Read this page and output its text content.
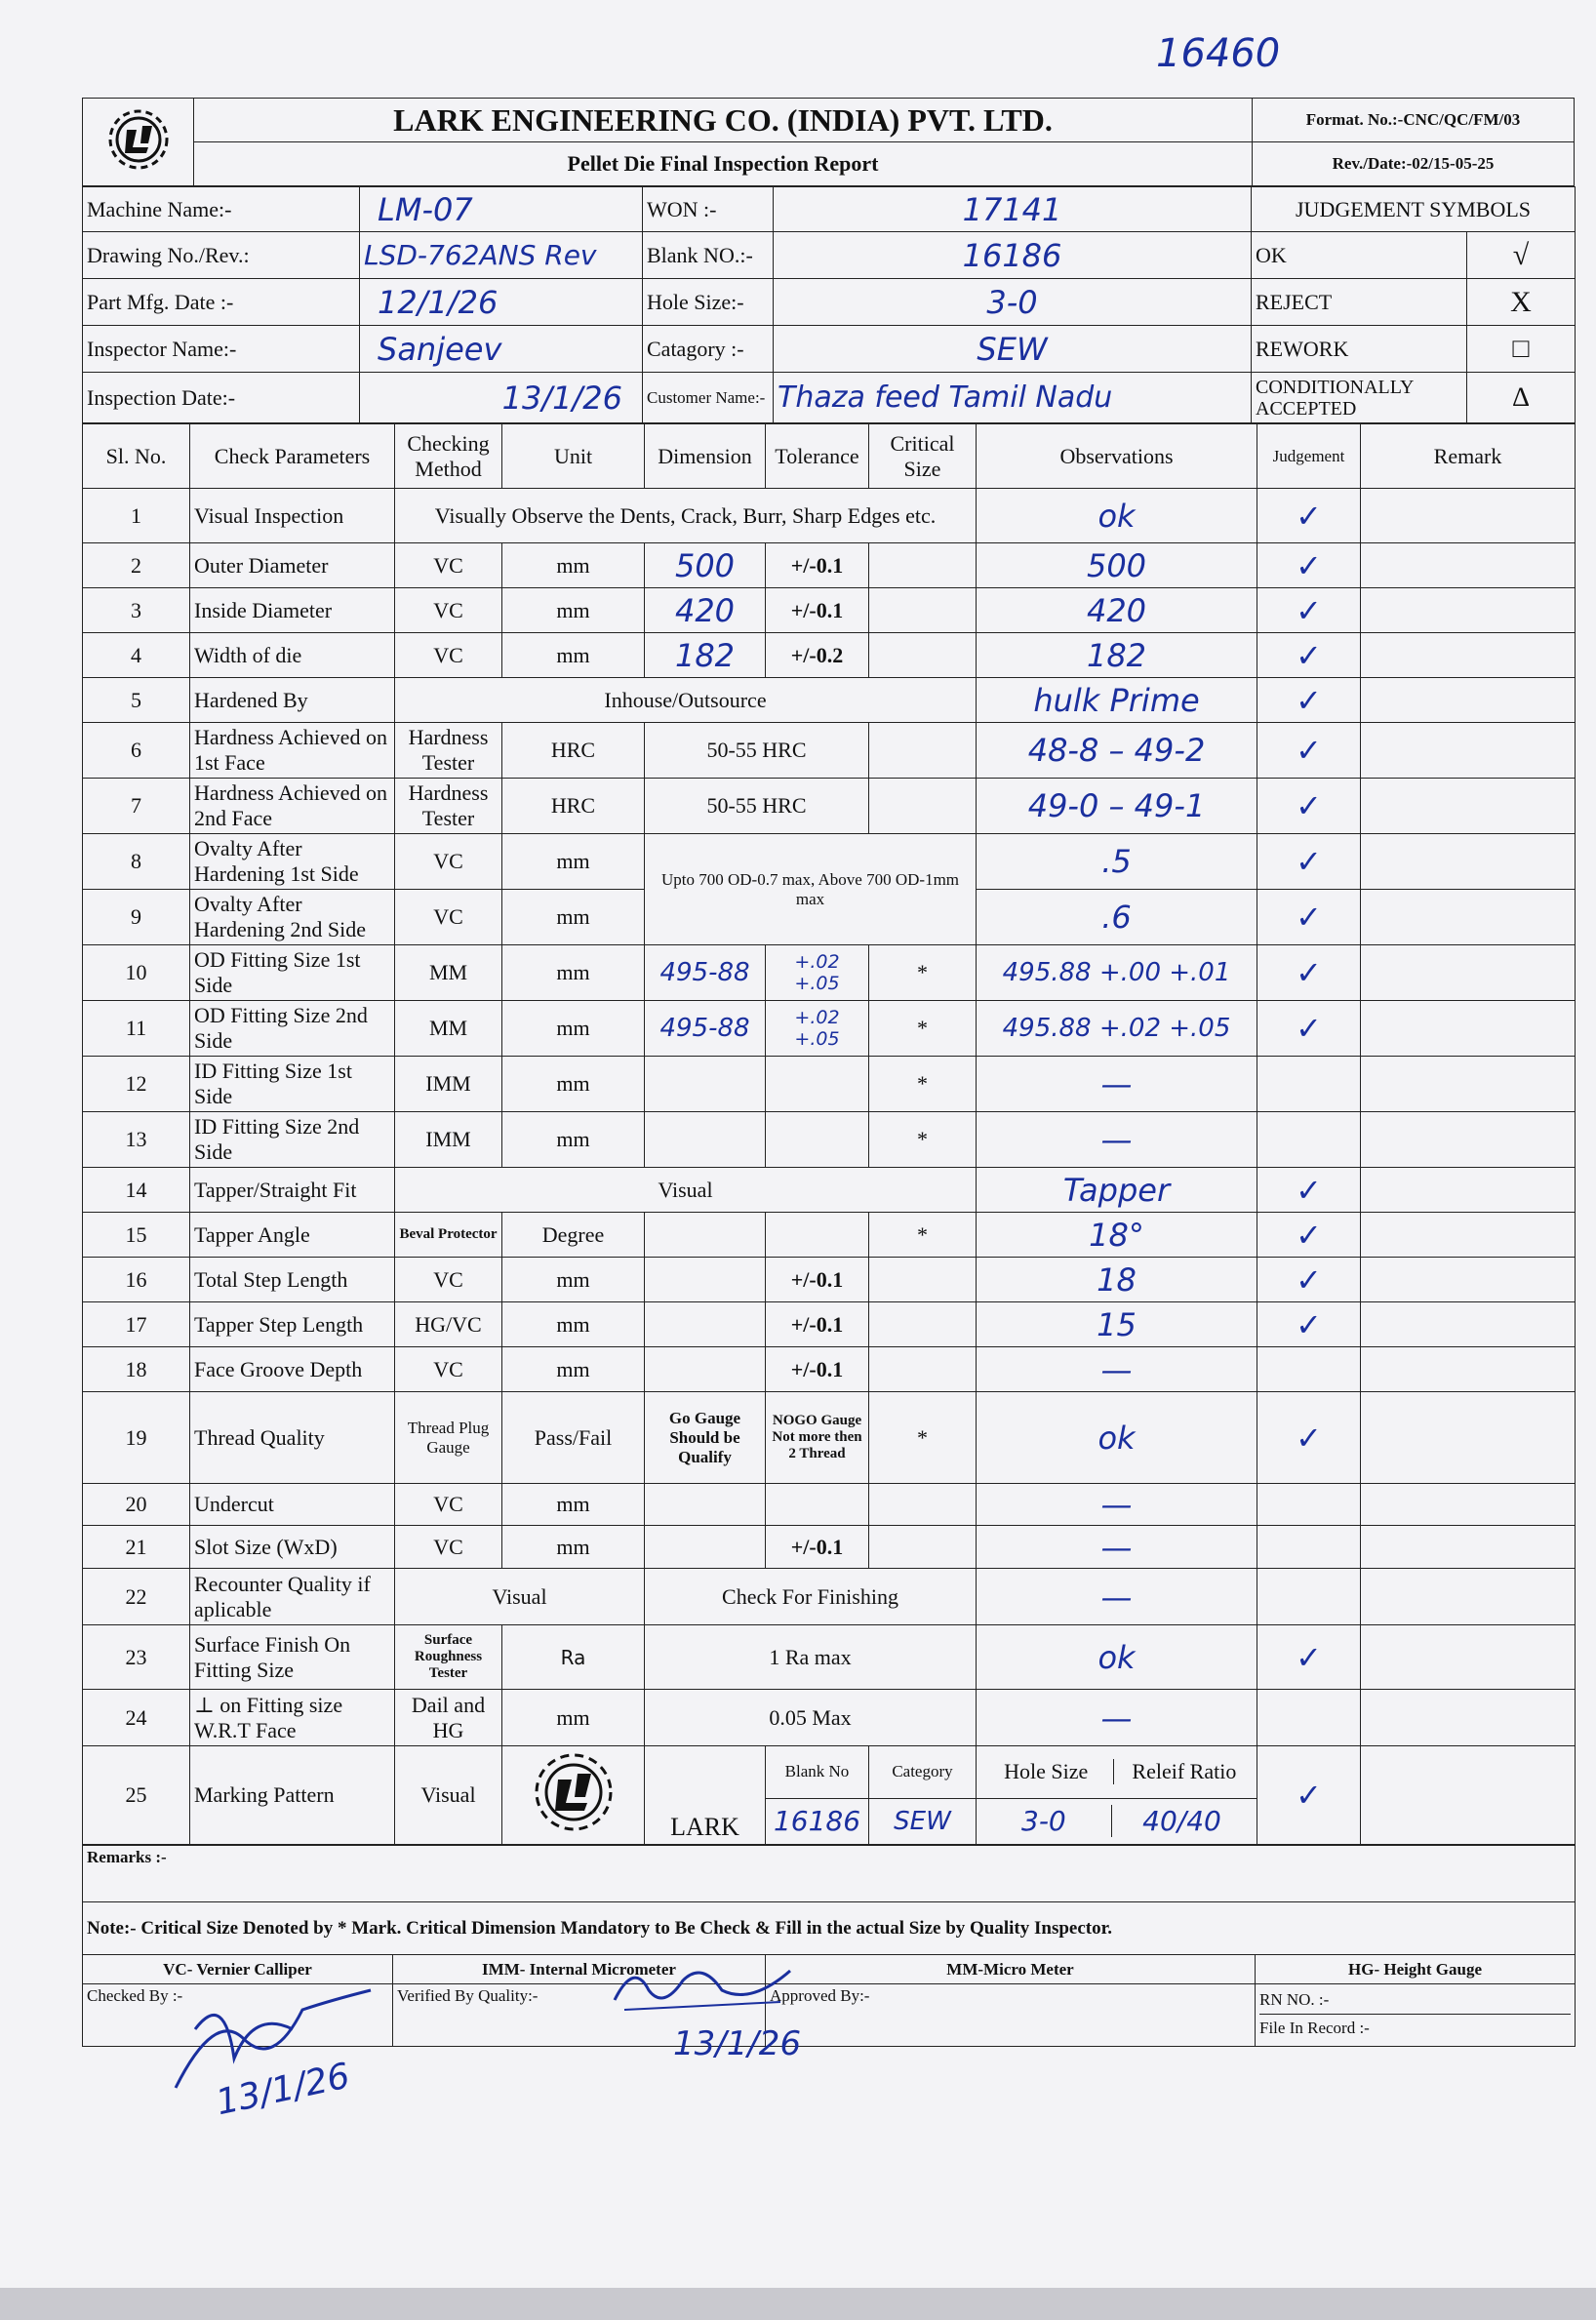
16460
	LARK ENGINEERING CO. (INDIA) PVT. LTD.	Format. No.:-CNC/QC/FM/03
	Pellet Die Final Inspection Report	Rev./Date:-02/15-05-25
Machine Name:-	LM-07	WON :-	17141	JUDGEMENT SYMBOLS	
Drawing No./Rev.:	LSD-762ANS Rev	Blank NO.:-	16186	OK	√
Part Mfg. Date :-	12/1/26	Hole Size:-	3-0	REJECT	X
Inspector Name:-	Sanjeev	Catagory :-	SEW	REWORK	□
Inspection Date:-	13/1/26	Customer Name:-	Thaza feed Tamil Nadu	CONDITIONALLY ACCEPTED	∆
Sl. No.	Check Parameters	Checking Method	Unit	Dimension	Tolerance	Critical Size	Observations	Judgement	Remark
1	Visual Inspection	Visually Observe the Dents, Crack, Burr, Sharp Edges etc.					ok	✓	
2	Outer Diameter	VC	mm	500	+/-0.1		500	✓	
3	Inside Diameter	VC	mm	420	+/-0.1		420	✓	
4	Width of die	VC	mm	182	+/-0.2		182	✓	
5	Hardened By	Inhouse/Outsource					hulk Prime	✓	
6	Hardness Achieved on 1st Face	Hardness Tester	HRC	50-55 HRC			48-8 – 49-2	✓	
7	Hardness Achieved on 2nd Face	Hardness Tester	HRC	50-55 HRC			49-0 – 49-1	✓	
8	Ovalty After Hardening 1st Side	VC	mm	Upto 700 OD-0.7 max, Above 700 OD-1mm max			.5	✓	
9	Ovalty After Hardening 2nd Side	VC	mm				.6	✓	
10	OD Fitting Size 1st Side	MM	mm	495-88	+.02 +.05	*	495.88 +.00 +.01	✓	
11	OD Fitting Size 2nd Side	MM	mm	495-88	+.02 +.05	*	495.88 +.02 +.05	✓	
12	ID Fitting Size 1st Side	IMM	mm			*	—		
13	ID Fitting Size 2nd Side	IMM	mm			*	—		
14	Tapper/Straight Fit	Visual					Tapper	✓	
15	Tapper Angle	Beval Protector	Degree			*	18°	✓	
16	Total Step Length	VC	mm		+/-0.1		18	✓	
17	Tapper Step Length	HG/VC	mm		+/-0.1		15	✓	
18	Face Groove Depth	VC	mm		+/-0.1		—		
19	Thread Quality	Thread Plug Gauge	Pass/Fail	Go Gauge Should be Qualify	NOGO Gauge Not more then 2 Thread	*	ok	✓	
20	Undercut	VC	mm				—		
21	Slot Size (WxD)	VC	mm		+/-0.1		—		
22	Recounter Quality if aplicable	Visual		Check For Finishing			—		
23	Surface Finish On Fitting Size	Surface Roughness Tester	Ra	1 Ra max			ok	✓	
24	⊥ on Fitting size W.R.T Face	Dail and HG	mm	0.05 Max			—		
25	Marking Pattern	Visual		LARK	Blank No	Category	Hole Size Releif Ratio	✓	
					16186	SEW	3-0 40/40		
Remarks :-			
Note:- Critical Size Denoted by * Mark. Critical Dimension Mandatory to Be Check & Fill in the actual Size by Quality Inspector.			
VC- Vernier Calliper	IMM- Internal Micrometer	MM-Micro Meter	HG- Height Gauge
Checked By :-	Verified By Quality:-	Approved By:-	RN NO. :-
File In Record :-
13/1/26
13/1/26
